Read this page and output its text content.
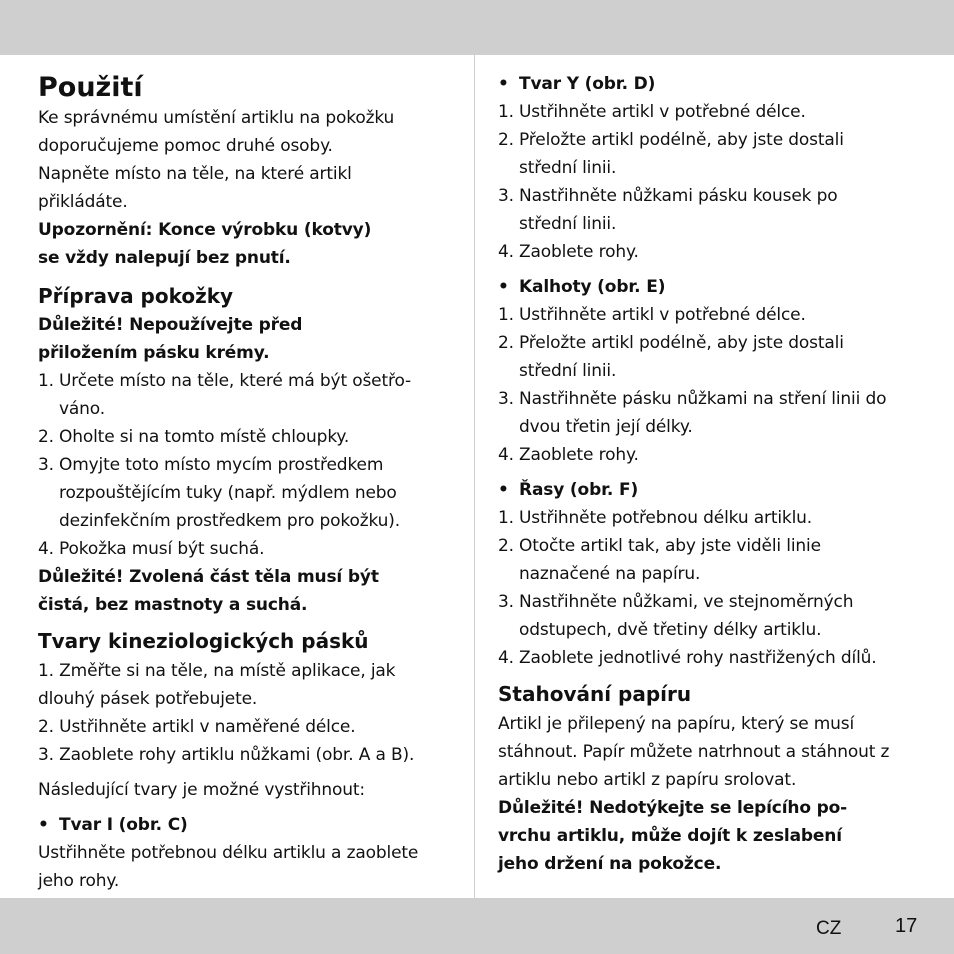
Použití
Ke správnému umístění artiklu na pokožku
doporučujeme pomoc druhé osoby.
Napněte místo na těle, na které artikl
přikládáte.
Upozornění: Konce výrobku (kotvy)
se vždy nalepují bez pnutí.
Příprava pokožky
Důležité! Nepoužívejte před
přiložením pásku krémy.
1. Určete místo na těle, které má být ošetřo-
váno.
2. Oholte si na tomto místě chloupky.
3. Omyjte toto místo mycím prostředkem
rozpouštějícím tuky (např. mýdlem nebo
dezinfekčním prostředkem pro pokožku).
4. Pokožka musí být suchá.
Důležité! Zvolená část těla musí být
čistá, bez mastnoty a suchá.
Tvary kineziologických pásků
1. Změřte si na těle, na místě aplikace, jak
dlouhý pásek potřebujete.
2. Ustřihněte artikl v naměřené délce.
3. Zaoblete rohy artiklu nůžkami (obr. A a B).
Následující tvary je možné vystřihnout:
• Tvar I (obr. C)
Ustřihněte potřebnou délku artiklu a zaoblete
jeho rohy.
• Tvar Y (obr. D)
1. Ustřihněte artikl v potřebné délce.
2. Přeložte artikl podélně, aby jste dostali
střední linii.
3. Nastřihněte nůžkami pásku kousek po
střední linii.
4. Zaoblete rohy.
• Kalhoty (obr. E)
1. Ustřihněte artikl v potřebné délce.
2. Přeložte artikl podélně, aby jste dostali
střední linii.
3. Nastřihněte pásku nůžkami na stření linii do
dvou třetin její délky.
4. Zaoblete rohy.
• Řasy (obr. F)
1. Ustřihněte potřebnou délku artiklu.
2. Otočte artikl tak, aby jste viděli linie
naznačené na papíru.
3. Nastřihněte nůžkami, ve stejnoměrných
odstupech, dvě třetiny délky artiklu.
4. Zaoblete jednotlivé rohy nastřižených dílů.
Stahování papíru
Artikl je přilepený na papíru, který se musí
stáhnout. Papír můžete natrhnout a stáhnout z
artiklu nebo artikl z papíru srolovat.
Důležité! Nedotýkejte se lepícího po-
vrchu artiklu, může dojít k zeslabení
jeho držení na pokožce.
CZ	17
